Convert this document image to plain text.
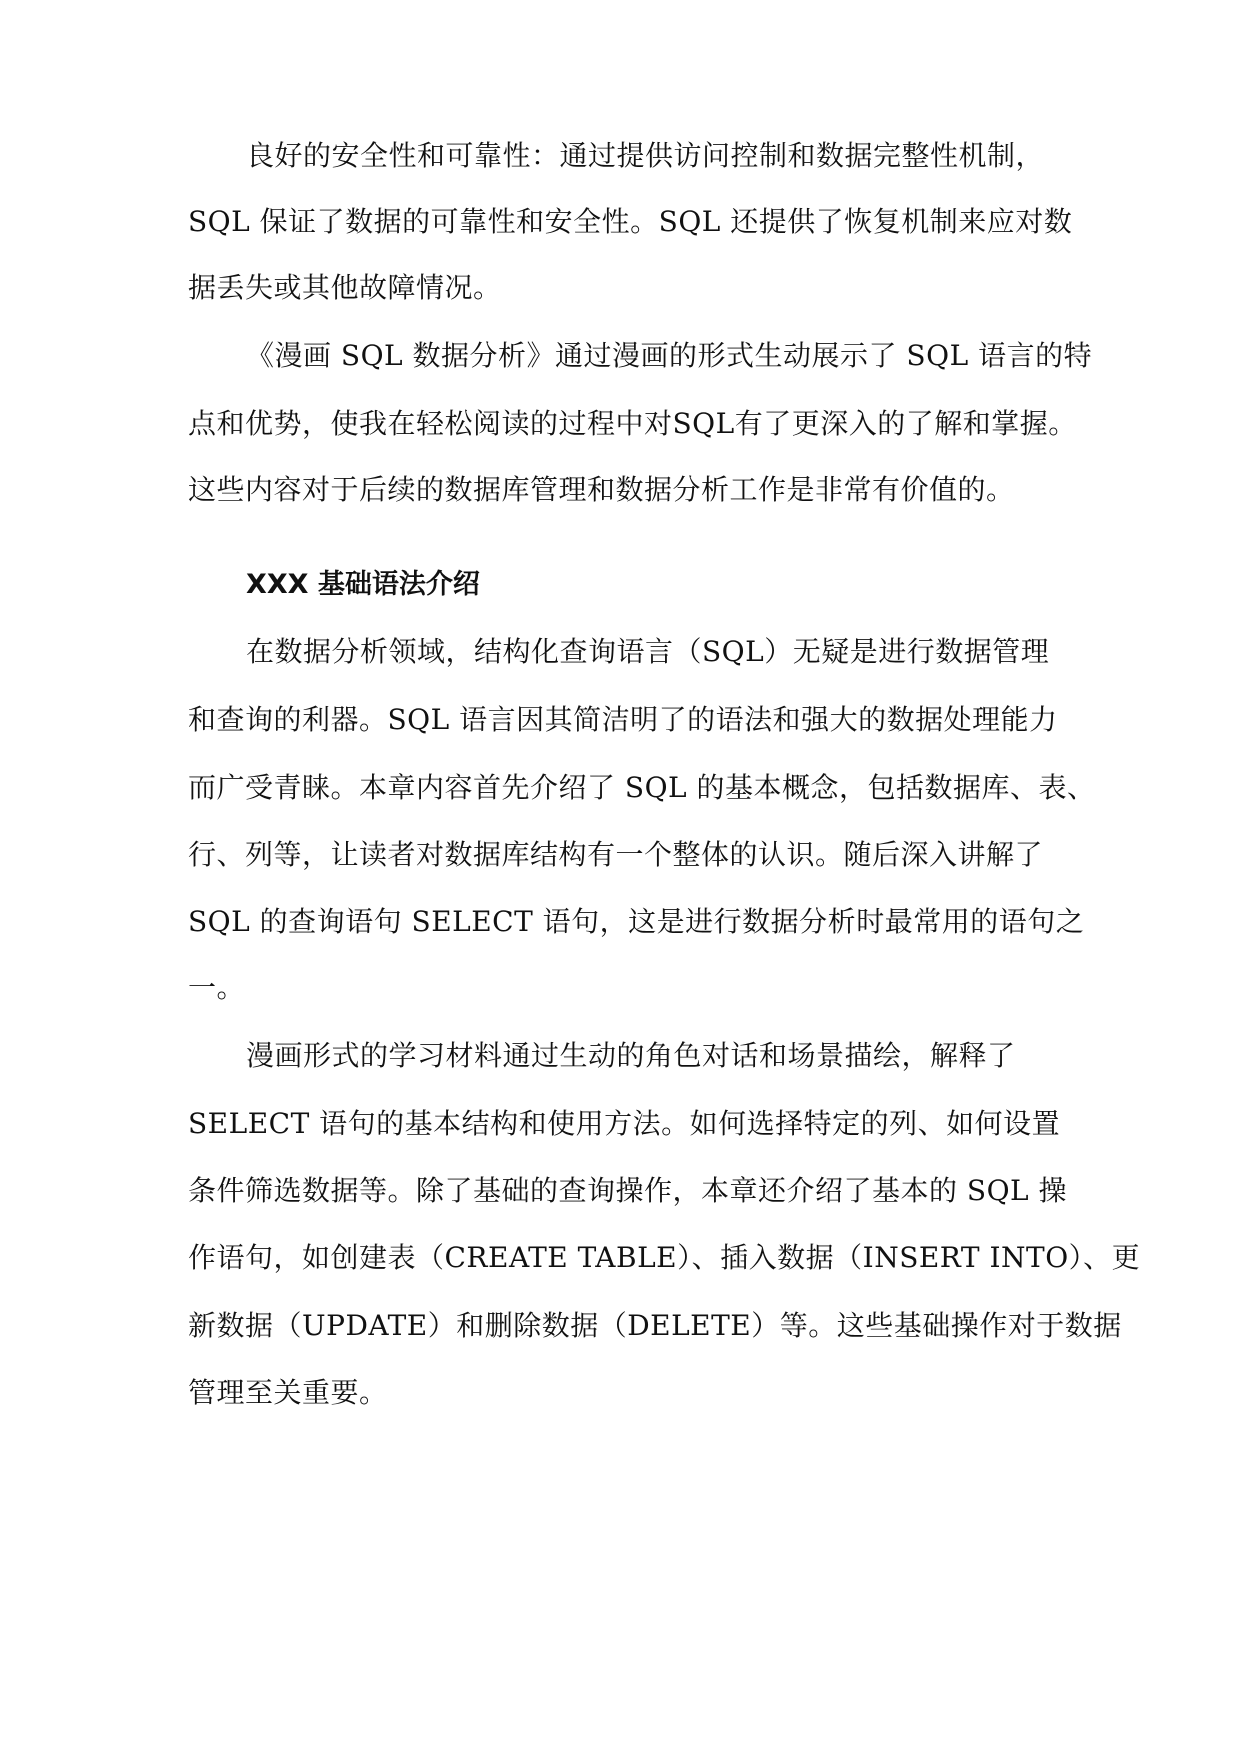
良好的安全性和可靠性：通过提供访问控制和数据完整性机制，

SQL 保证了数据的可靠性和安全性。SQL 还提供了恢复机制来应对数

据丢失或其他故障情况。

《漫画 SQL 数据分析》通过漫画的形式生动展示了 SQL 语言的特

点和优势，使我在轻松阅读的过程中对SQL有了更深入的了解和掌握。

这些内容对于后续的数据库管理和数据分析工作是非常有价值的。

XXX 基础语法介绍

在数据分析领域，结构化查询语言（SQL）无疑是进行数据管理

和查询的利器。SQL 语言因其简洁明了的语法和强大的数据处理能力

而广受青睐。本章内容首先介绍了 SQL 的基本概念，包括数据库、表、

行、列等，让读者对数据库结构有一个整体的认识。随后深入讲解了

SQL 的查询语句 SELECT 语句，这是进行数据分析时最常用的语句之

一。

漫画形式的学习材料通过生动的角色对话和场景描绘，解释了

SELECT 语句的基本结构和使用方法。如何选择特定的列、如何设置

条件筛选数据等。除了基础的查询操作，本章还介绍了基本的 SQL 操

作语句，如创建表（CREATE TABLE）、插入数据（INSERT INTO）、更

新数据（UPDATE）和删除数据（DELETE）等。这些基础操作对于数据

管理至关重要。
